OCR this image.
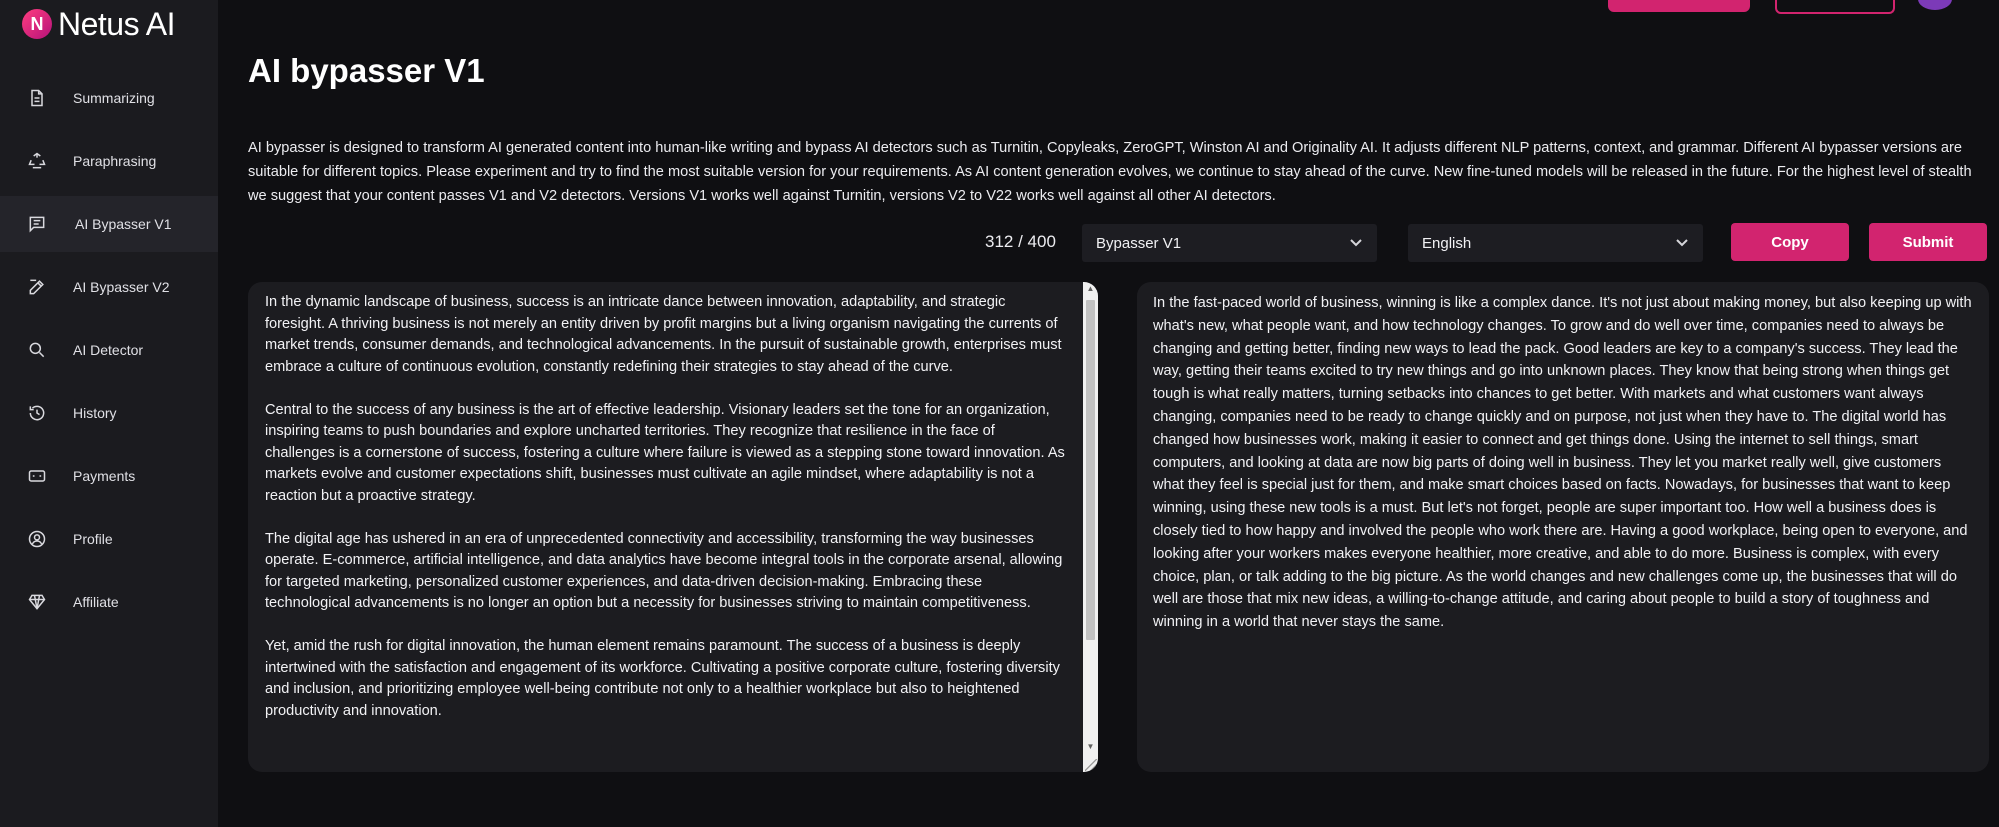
N Netus AI
Summarizing
Paraphrasing
AI Bypasser V1
AI Bypasser V2
AI Detector
History
Payments
Profile
Affiliate
AI bypasser V1
AI bypasser is designed to transform AI generated content into human-like writing and bypass AI detectors such as Turnitin, Copyleaks, ZeroGPT, Winston AI and Originality AI. It adjusts different NLP patterns, context, and grammar. Different AI bypasser versions are suitable for different topics. Please experiment and try to find the most suitable version for your requirements. As AI content generation evolves, we continue to stay ahead of the curve. New fine-tuned models will be released in the future. For the highest level of stealth we suggest that your content passes V1 and V2 detectors. Versions V1 works well against Turnitin, versions V2 to V22 works well against all other AI detectors.
312 / 400	Bypasser V1	English	Copy	Submit
In the dynamic landscape of business, success is an intricate dance between innovation, adaptability, and strategic foresight. A thriving business is not merely an entity driven by profit margins but a living organism navigating the currents of market trends, consumer demands, and technological advancements. In the pursuit of sustainable growth, enterprises must embrace a culture of continuous evolution, constantly redefining their strategies to stay ahead of the curve.

Central to the success of any business is the art of effective leadership. Visionary leaders set the tone for an organization, inspiring teams to push boundaries and explore uncharted territories. They recognize that resilience in the face of challenges is a cornerstone of success, fostering a culture where failure is viewed as a stepping stone toward innovation. As markets evolve and customer expectations shift, businesses must cultivate an agile mindset, where adaptability is not a reaction but a proactive strategy.

The digital age has ushered in an era of unprecedented connectivity and accessibility, transforming the way businesses operate. E-commerce, artificial intelligence, and data analytics have become integral tools in the corporate arsenal, allowing for targeted marketing, personalized customer experiences, and data-driven decision-making. Embracing these technological advancements is no longer an option but a necessity for businesses striving to maintain competitiveness.

Yet, amid the rush for digital innovation, the human element remains paramount. The success of a business is deeply intertwined with the satisfaction and engagement of its workforce. Cultivating a positive corporate culture, fostering diversity and inclusion, and prioritizing employee well-being contribute not only to a healthier workplace but also to heightened productivity and innovation.
▲
▼
In the fast-paced world of business, winning is like a complex dance. It's not just about making money, but also keeping up with what's new, what people want, and how technology changes. To grow and do well over time, companies need to always be changing and getting better, finding new ways to lead the pack. Good leaders are key to a company's success. They lead the way, getting their teams excited to try new things and go into unknown places. They know that being strong when things get tough is what really matters, turning setbacks into chances to get better. With markets and what customers want always changing, companies need to be ready to change quickly and on purpose, not just when they have to. The digital world has changed how businesses work, making it easier to connect and get things done. Using the internet to sell things, smart computers, and looking at data are now big parts of doing well in business. They let you market really well, give customers what they feel is special just for them, and make smart choices based on facts. Nowadays, for businesses that want to keep winning, using these new tools is a must. But let's not forget, people are super important too. How well a business does is closely tied to how happy and involved the people who work there are. Having a good workplace, being open to everyone, and looking after your workers makes everyone healthier, more creative, and able to do more. Business is complex, with every choice, plan, or talk adding to the big picture. As the world changes and new challenges come up, the businesses that will do well are those that mix new ideas, a willing-to-change attitude, and caring about people to build a story of toughness and winning in a world that never stays the same.
